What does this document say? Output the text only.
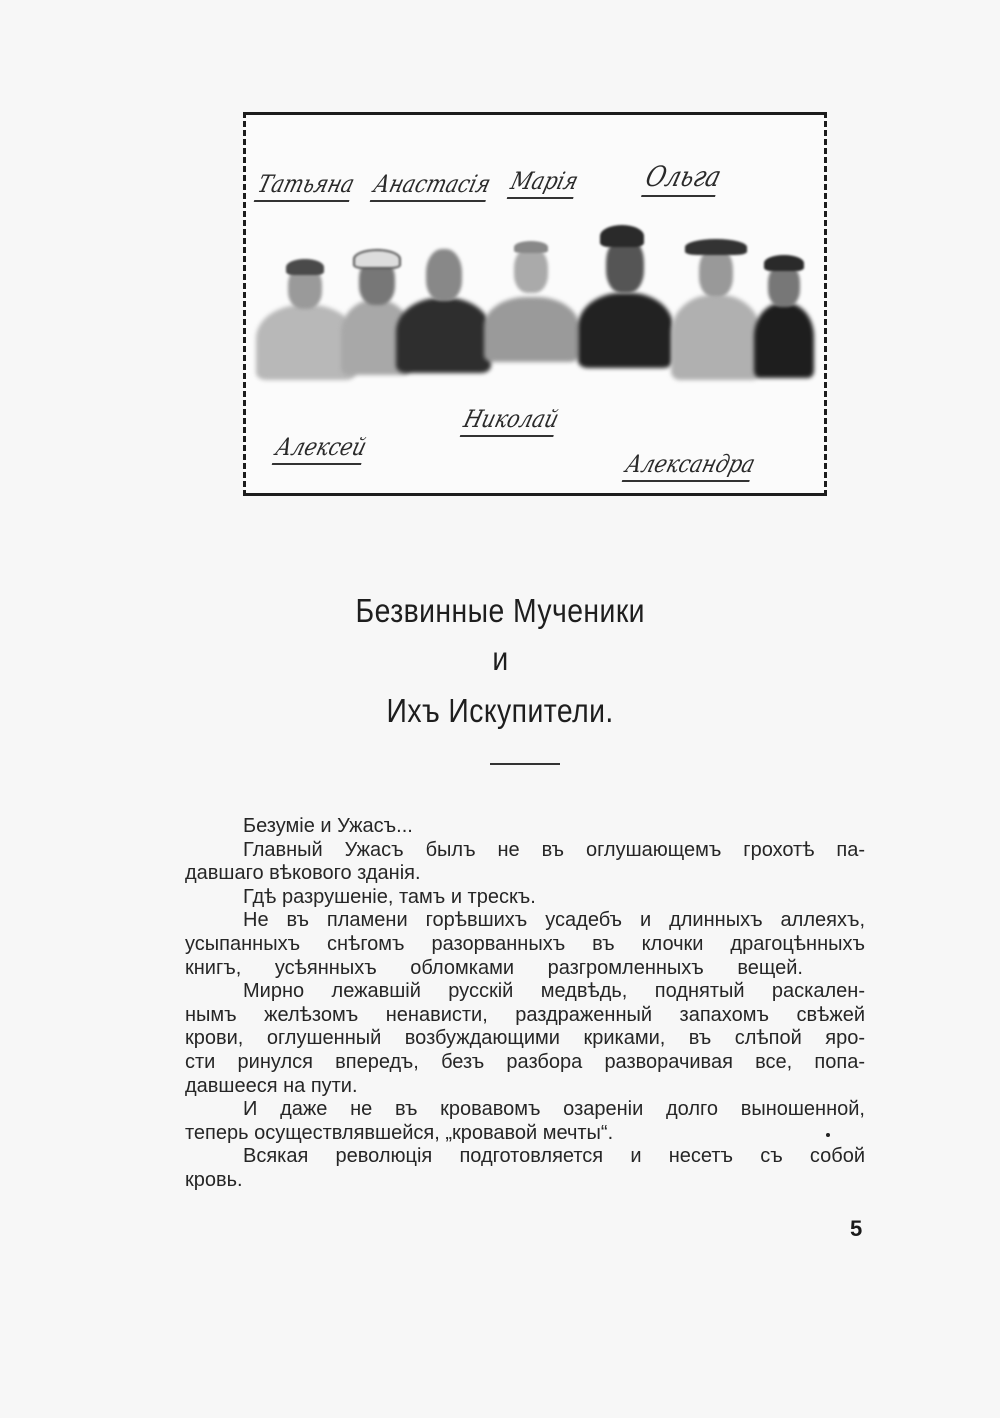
Татьяна Анастасія Марія Ольга
Николай
Алексей
Александра
Безвинные Мученики
и
Ихъ Искупители.
Безуміе и Ужасъ...
Главный Ужасъ былъ не въ оглушающемъ грохотѣ па-
давшаго вѣкового зданія.
Гдѣ разрушеніе, тамъ и трескъ.
Не въ пламени горѣвшихъ усадебъ и длинныхъ аллеяхъ,
усыпанныхъ снѣгомъ разорванныхъ въ клочки драгоцѣнныхъ
книгъ, усѣянныхъ обломками разгромленныхъ вещей.
Мирно лежавшій русскій медвѣдь, поднятый раскален-
нымъ желѣзомъ ненависти, раздраженный запахомъ свѣжей
крови, оглушенный возбуждающими криками, въ слѣпой яро-
сти ринулся впередъ, безъ разбора разворачивая все, попа-
давшееся на пути.
И даже не въ кровавомъ озареніи долго выношенной,
теперь осуществлявшейся, „кровавой мечты“.
Всякая революція подготовляется и несетъ съ собой
кровь.
5
